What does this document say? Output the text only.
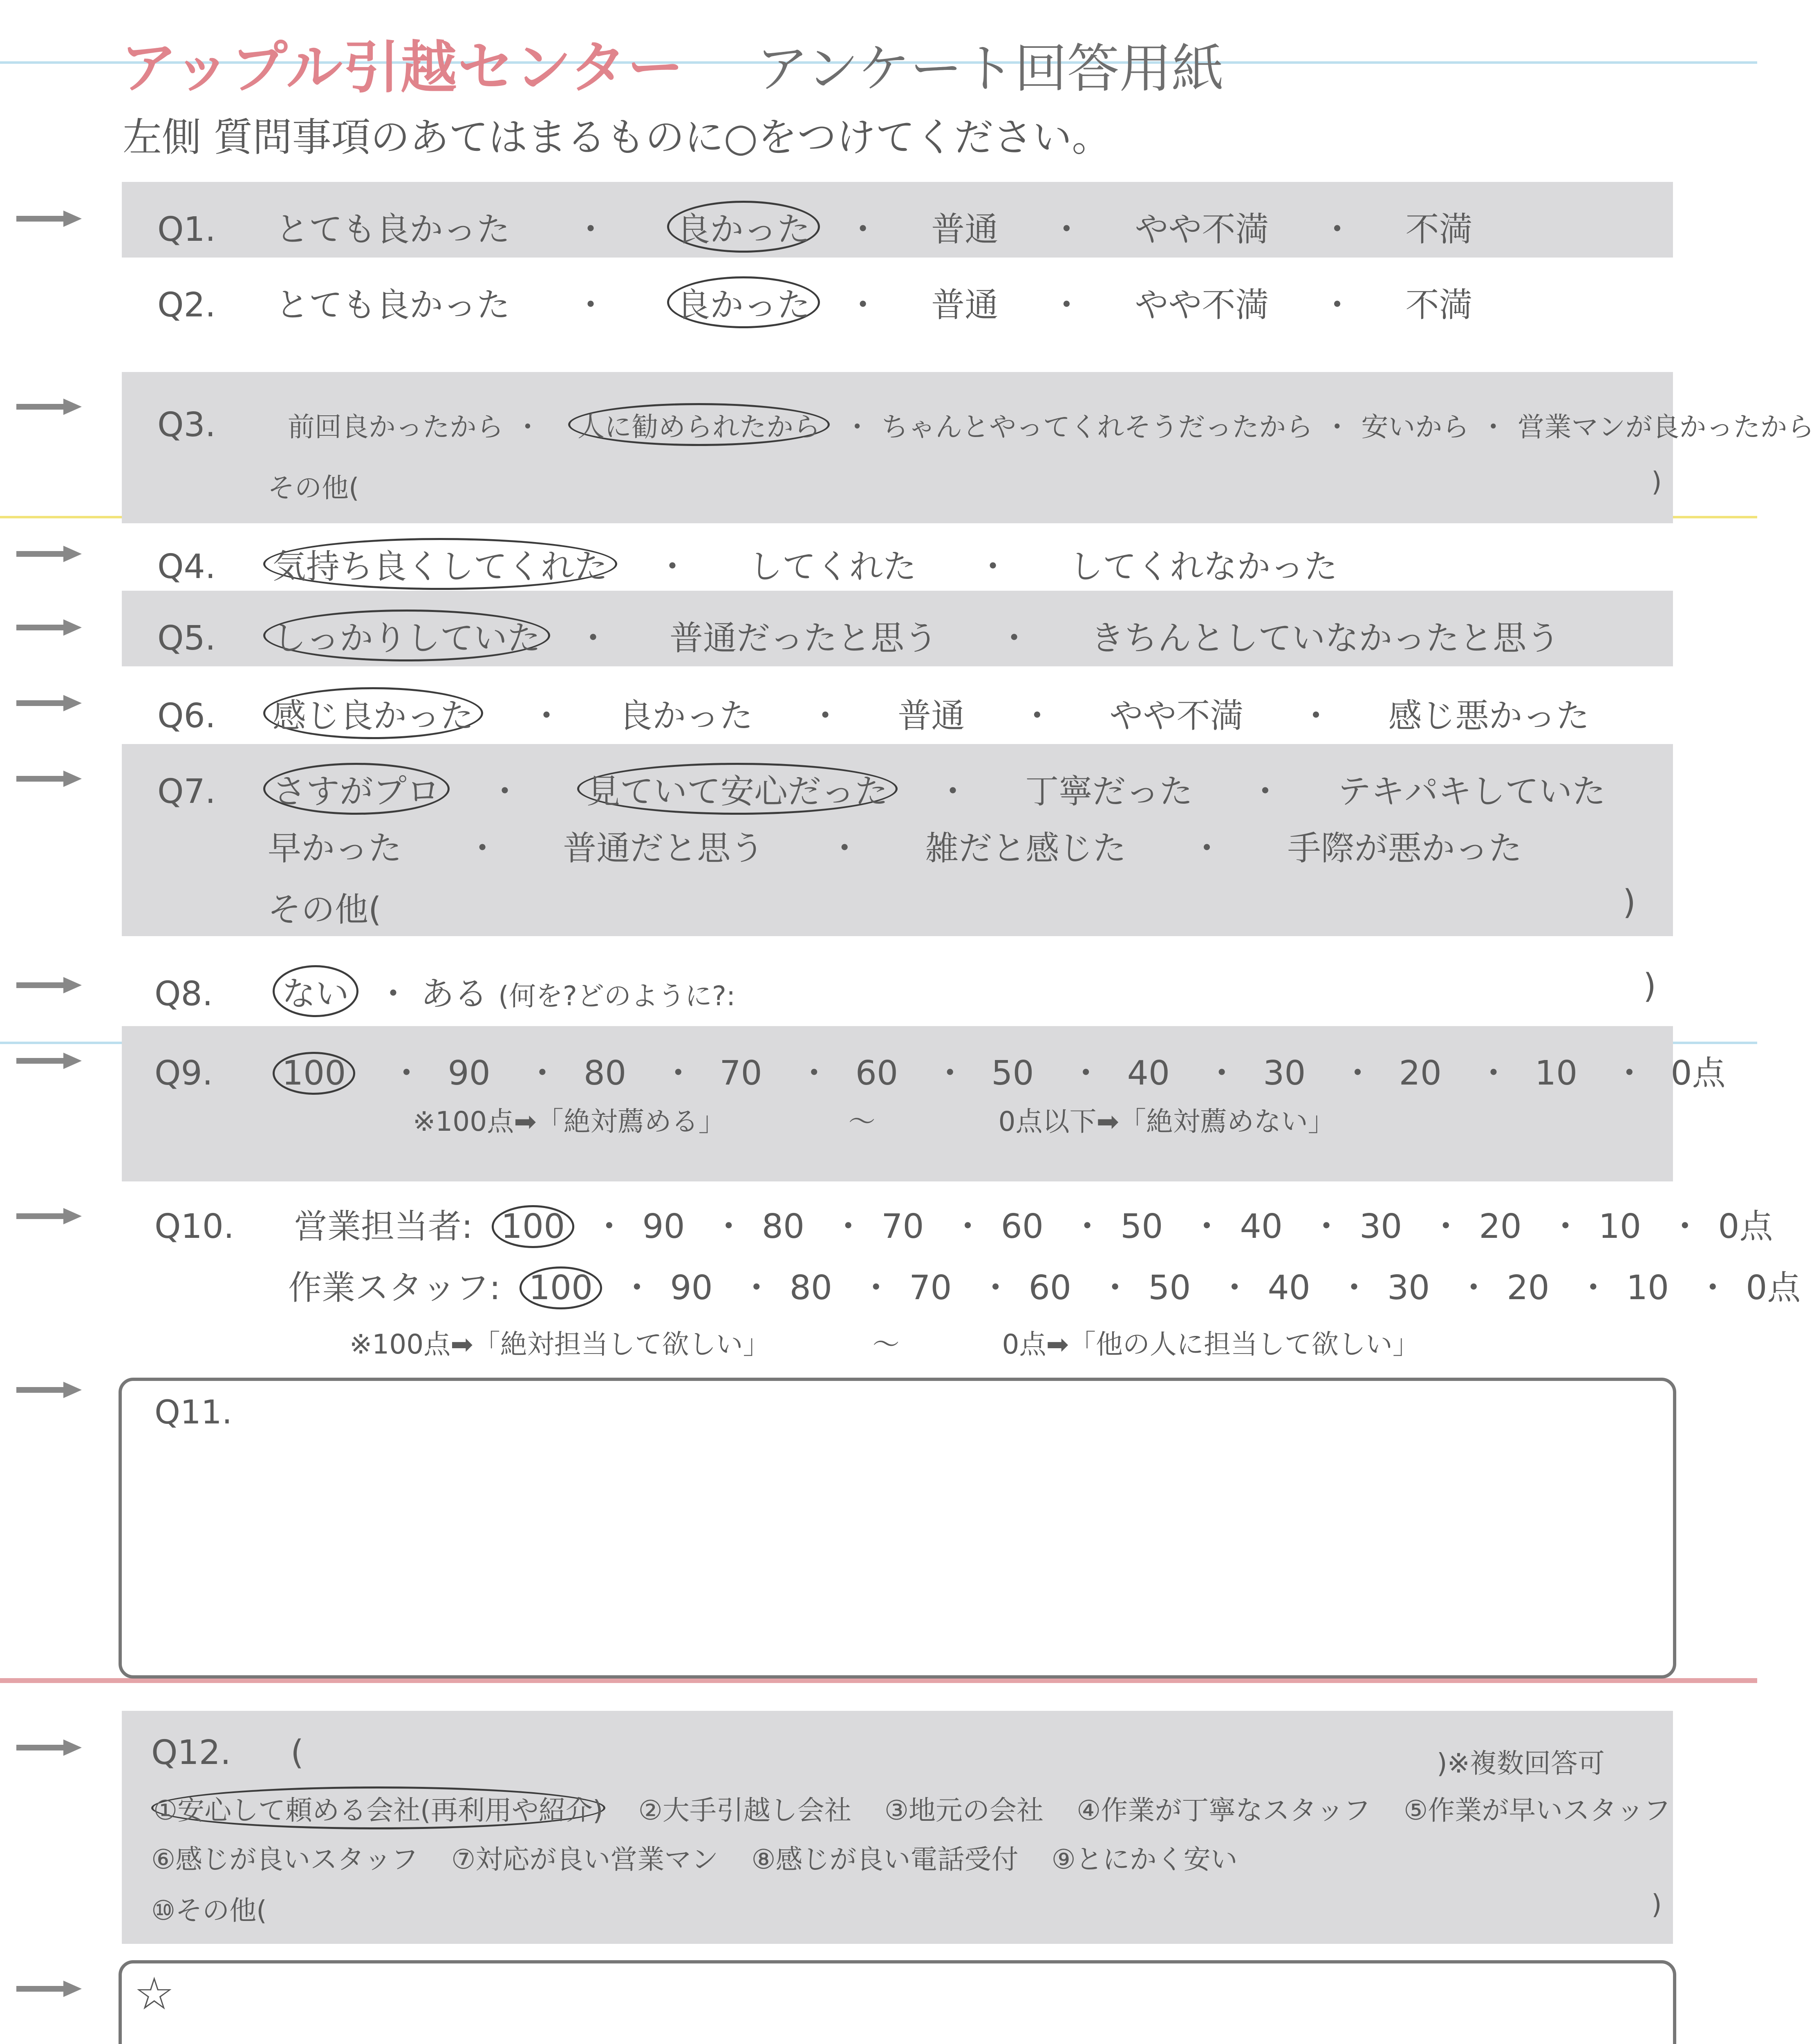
アップル引越センター アンケート回答用紙
左側 質問事項のあてはまるものに○をつけてください。
Q1. とても良かった ・ 良かった ・ 普通 ・ やや不満 ・ 不満
Q2. とても良かった ・ 良かった ・ 普通 ・ やや不満 ・ 不満
Q3.	前回良かったから ・ 人に勧められたから ・ ちゃんとやってくれそうだったから ・ 安いから ・ 営業マンが良かったから
その他(	)
Q4. 気持ち良くしてくれた ・ してくれた ・ してくれなかった
Q5. しっかりしていた ・ 普通だったと思う ・ きちんとしていなかったと思う
Q6. 感じ良かった ・ 良かった ・ 普通 ・ やや不満 ・ 感じ悪かった
Q7. さすがプロ ・ 見ていて安心だった ・ 丁寧だった ・ テキパキしていた
早かった ・ 普通だと思う ・ 雑だと感じた ・ 手際が悪かった
その他(	)
Q8. ない ・ ある (何を?どのように?:	)
Q9. 100 ・ 90 ・ 80 ・ 70 ・ 60 ・ 50 ・ 40 ・ 30 ・ 20 ・ 10 ・ 0点
※100点➡「絶対薦める」	〜	0点以下➡「絶対薦めない」
Q10. 営業担当者: 100 ・ 90 ・ 80 ・ 70 ・ 60 ・ 50 ・ 40 ・ 30 ・ 20 ・ 10 ・ 0点
作業スタッフ: 100 ・ 90 ・ 80 ・ 70 ・ 60 ・ 50 ・ 40 ・ 30 ・ 20 ・ 10 ・ 0点
※100点➡「絶対担当して欲しい」	〜	0点➡「他の人に担当して欲しい」
Q11.
Q12. (	)※複数回答可
①安心して頼める会社(再利用や紹介) ②大手引越し会社 ③地元の会社 ④作業が丁寧なスタッフ ⑤作業が早いスタッフ
⑥感じが良いスタッフ ⑦対応が良い営業マン ⑧感じが良い電話受付 ⑨とにかく安い
⑩その他(	)
☆
